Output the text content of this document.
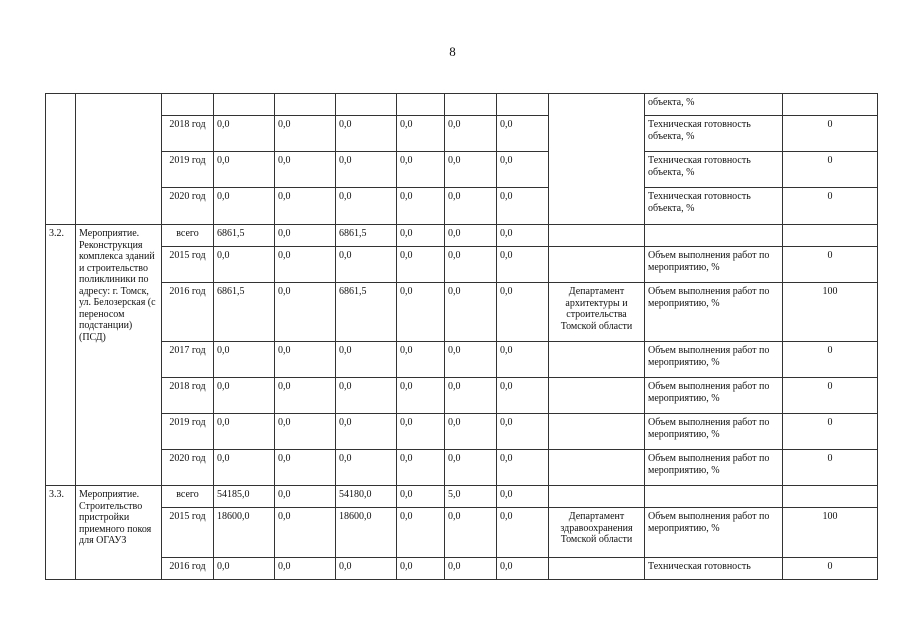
8
										объекта, %	
		2018 год	0,0	0,0	0,0	0,0	0,0	0,0		Техническая готовность объекта, %	0
		2019 год	0,0	0,0	0,0	0,0	0,0	0,0		Техническая готовность объекта, %	0
		2020 год	0,0	0,0	0,0	0,0	0,0	0,0		Техническая готовность объекта, %	0
3.2.	Мероприятие. Реконструкция комплекса зданий и строительство поликлиники по адресу: г. Томск, ул. Белозерская (с переносом подстанции) (ПСД)	всего	6861,5	0,0	6861,5	0,0	0,0	0,0			
		2015 год	0,0	0,0	0,0	0,0	0,0	0,0		Объем выполнения работ по мероприятию, %	0
		2016 год	6861,5	0,0	6861,5	0,0	0,0	0,0	Департамент архитектуры и строительства Томской области	Объем выполнения работ по мероприятию, %	100
		2017 год	0,0	0,0	0,0	0,0	0,0	0,0		Объем выполнения работ по мероприятию, %	0
		2018 год	0,0	0,0	0,0	0,0	0,0	0,0		Объем выполнения работ по мероприятию, %	0
		2019 год	0,0	0,0	0,0	0,0	0,0	0,0		Объем выполнения работ по мероприятию, %	0
		2020 год	0,0	0,0	0,0	0,0	0,0	0,0		Объем выполнения работ по мероприятию, %	0
3.3.	Мероприятие. Строительство пристройки приемного покоя для ОГАУЗ	всего	54185,0	0,0	54180,0	0,0	5,0	0,0			
		2015 год	18600,0	0,0	18600,0	0,0	0,0	0,0	Департамент здравоохранения Томской области	Объем выполнения работ по мероприятию, %	100
		2016 год	0,0	0,0	0,0	0,0	0,0	0,0		Техническая готовность	0
